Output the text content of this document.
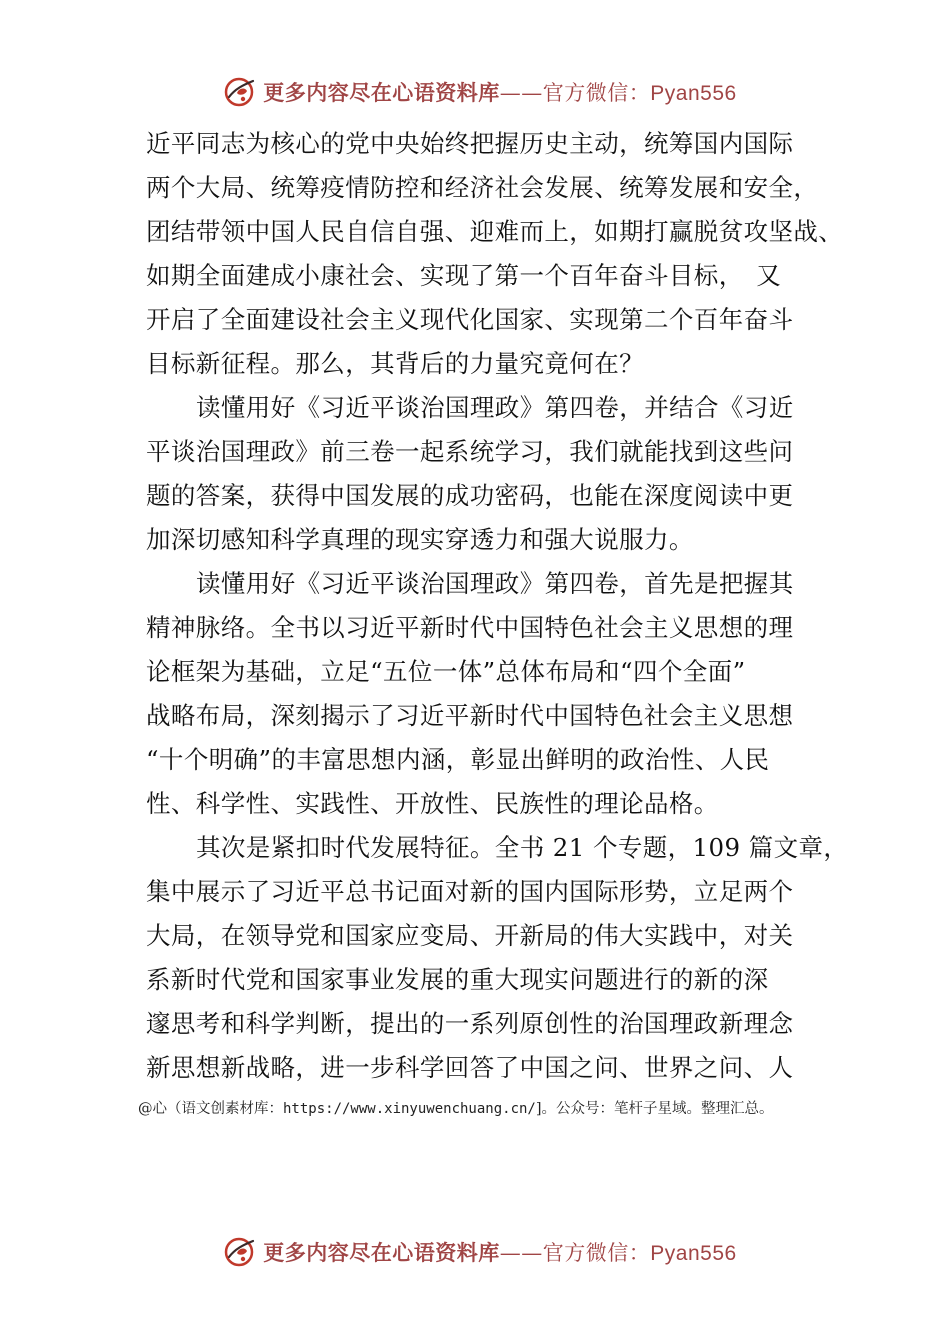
更多内容尽在心语资料库——官方微信：Pyan556
近平同志为核心的党中央始终把握历史主动，统筹国内国际
两个大局、统筹疫情防控和经济社会发展、统筹发展和安全，
团结带领中国人民自信自强、迎难而上，如期打赢脱贫攻坚战、
如期全面建成小康社会、实现了第一个百年奋斗目标，　又
开启了全面建设社会主义现代化国家、实现第二个百年奋斗
目标新征程。那么，其背后的力量究竟何在？
读懂用好《习近平谈治国理政》第四卷，并结合《习近
平谈治国理政》前三卷一起系统学习，我们就能找到这些问
题的答案，获得中国发展的成功密码，也能在深度阅读中更
加深切感知科学真理的现实穿透力和强大说服力。
读懂用好《习近平谈治国理政》第四卷，首先是把握其
精神脉络。全书以习近平新时代中国特色社会主义思想的理
论框架为基础，立足“五位一体”总体布局和“四个全面”
战略布局，深刻揭示了习近平新时代中国特色社会主义思想
“十个明确”的丰富思想内涵，彰显出鲜明的政治性、人民
性、科学性、实践性、开放性、民族性的理论品格。
其次是紧扣时代发展特征。全书 21 个专题，109 篇文章，
集中展示了习近平总书记面对新的国内国际形势，立足两个
大局，在领导党和国家应变局、开新局的伟大实践中，对关
系新时代党和国家事业发展的重大现实问题进行的新的深
邃思考和科学判断，提出的一系列原创性的治国理政新理念
新思想新战略，进一步科学回答了中国之问、世界之问、人
@心（语文创素材库：https://www.xinyuwenchuang.cn/]。公众号：笔杆子星域。整理汇总。
更多内容尽在心语资料库——官方微信：Pyan556
